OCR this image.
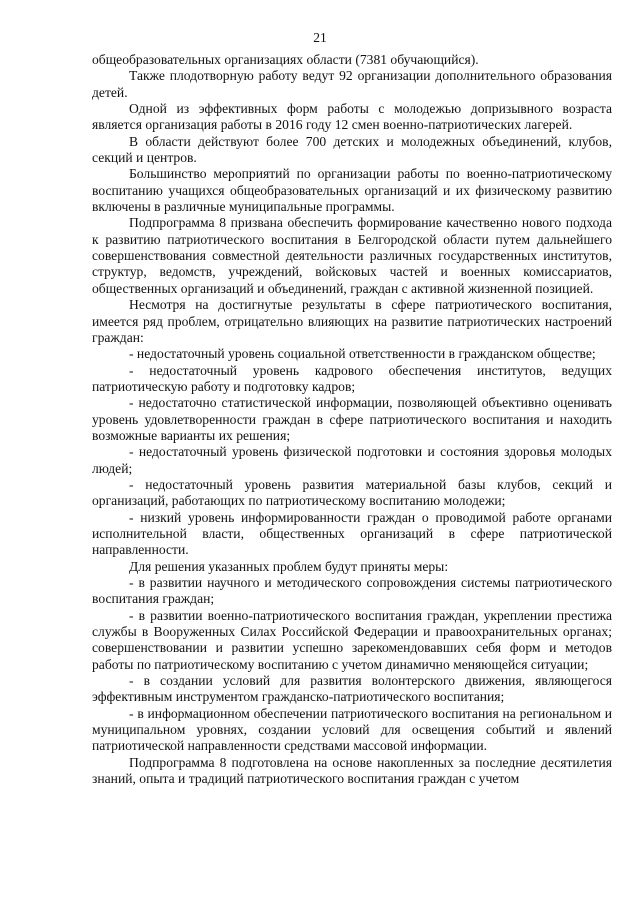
21

общеобразовательных организациях области (7381 обучающийся).

Также плодотворную работу ведут 92 организации дополнительного образования детей.

Одной из эффективных форм работы с молодежью допризывного возраста является организация работы в 2016 году 12 смен военно-патриотических лагерей.

В области действуют более 700 детских и молодежных объединений, клубов, секций и центров.

Большинство мероприятий по организации работы по военно-патриотическому воспитанию учащихся общеобразовательных организаций и их физическому развитию включены в различные муниципальные программы.

Подпрограмма 8 призвана обеспечить формирование качественно нового подхода к развитию патриотического воспитания в Белгородской области путем дальнейшего совершенствования совместной деятельности различных государственных институтов, структур, ведомств, учреждений, войсковых частей и военных комиссариатов, общественных организаций и объединений, граждан с активной жизненной позицией.

Несмотря на достигнутые результаты в сфере патриотического воспитания, имеется ряд проблем, отрицательно влияющих на развитие патриотических настроений граждан:

- недостаточный уровень социальной ответственности в гражданском обществе;

- недостаточный уровень кадрового обеспечения институтов, ведущих патриотическую работу и подготовку кадров;

- недостаточно статистической информации, позволяющей объективно оценивать уровень удовлетворенности граждан в сфере патриотического воспитания и находить возможные варианты их решения;

- недостаточный уровень физической подготовки и состояния здоровья молодых людей;

- недостаточный уровень развития материальной базы клубов, секций и организаций, работающих по патриотическому воспитанию молодежи;

- низкий уровень информированности граждан о проводимой работе органами исполнительной власти, общественных организаций в сфере патриотической направленности.

Для решения указанных проблем будут приняты меры:

- в развитии научного и методического сопровождения системы патриотического воспитания граждан;

- в развитии военно-патриотического воспитания граждан, укреплении престижа службы в Вооруженных Силах Российской Федерации и правоохранительных органах; совершенствовании и развитии успешно зарекомендовавших себя форм и методов работы по патриотическому воспитанию с учетом динамично меняющейся ситуации;

- в создании условий для развития волонтерского движения, являющегося эффективным инструментом гражданско-патриотического воспитания;

- в информационном обеспечении патриотического воспитания на региональном и муниципальном уровнях, создании условий для освещения событий и явлений патриотической направленности средствами массовой информации.

Подпрограмма 8 подготовлена на основе накопленных за последние десятилетия знаний, опыта и традиций патриотического воспитания граждан с учетом
